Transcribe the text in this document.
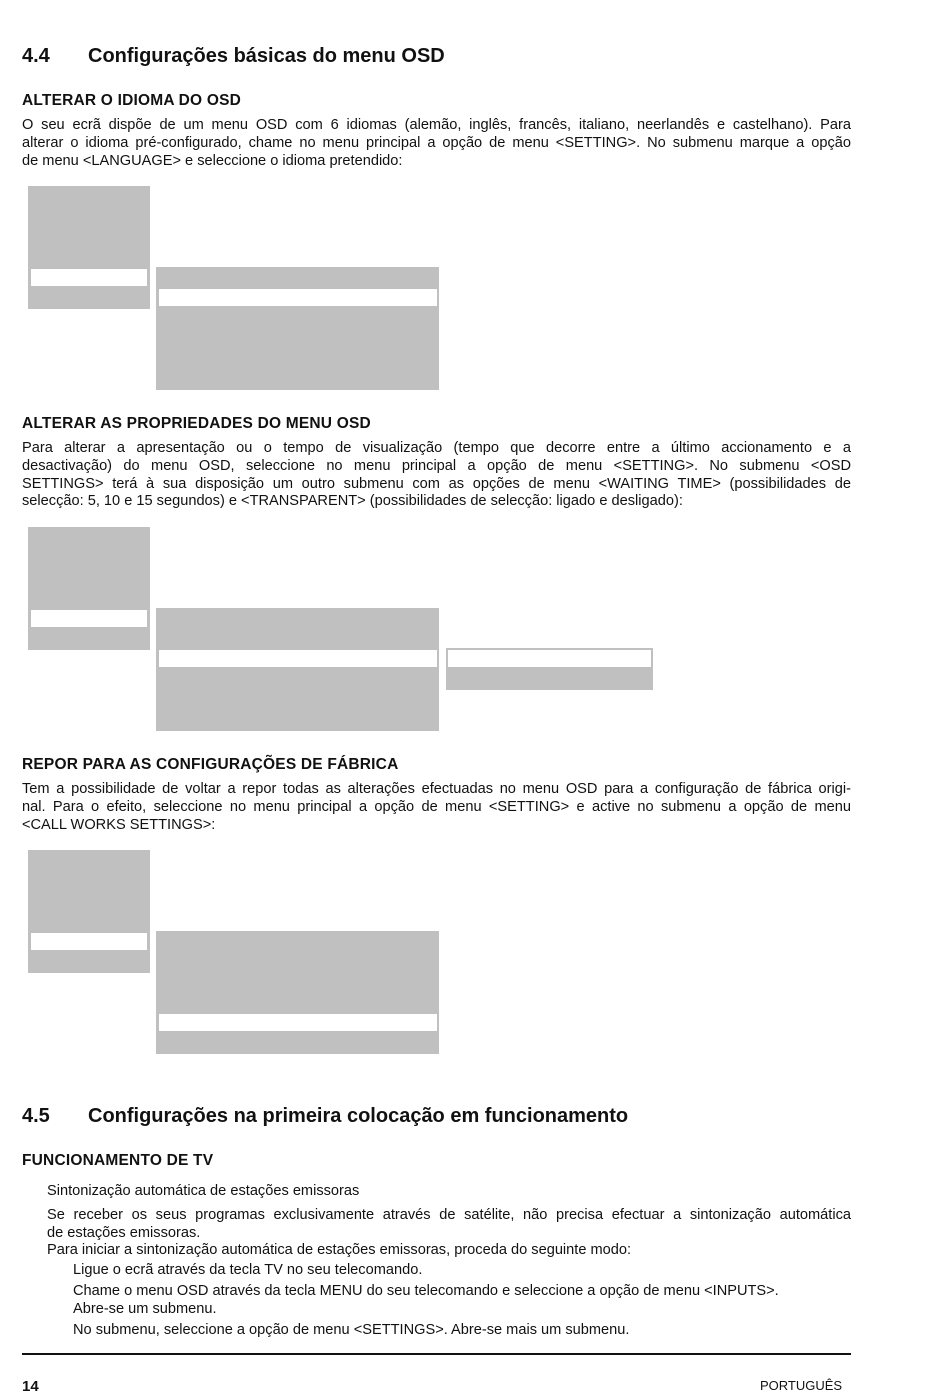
4.4 Configurações básicas do menu OSD
ALTERAR O IDIOMA DO OSD
O seu ecrã dispõe de um menu OSD com 6 idiomas (alemão, inglês, francês, italiano, neerlandês e castelhano). Para
alterar o idioma pré-configurado, chame no menu principal a opção de menu <SETTING>. No submenu marque a opção
de menu <LANGUAGE> e seleccione o idioma pretendido:
ALTERAR AS PROPRIEDADES DO MENU OSD
Para alterar a apresentação ou o tempo de visualização (tempo que decorre entre a último accionamento e a
desactivação) do menu OSD, seleccione no menu principal a opção de menu <SETTING>. No submenu <OSD
SETTINGS> terá à sua disposição um outro submenu com as opções de menu <WAITING TIME> (possibilidades de
selecção: 5, 10 e 15 segundos) e <TRANSPARENT> (possibilidades de selecção: ligado e desligado):
REPOR PARA AS CONFIGURAÇÕES DE FÁBRICA
Tem a possibilidade de voltar a repor todas as alterações efectuadas no menu OSD para a configuração de fábrica origi-
nal. Para o efeito, seleccione no menu principal a opção de menu <SETTING> e active no submenu a opção de menu
<CALL WORKS SETTINGS>:
4.5 Configurações na primeira colocação em funcionamento
FUNCIONAMENTO DE TV
Sintonização automática de estações emissoras
Se receber os seus programas exclusivamente através de satélite, não precisa efectuar a sintonização automática
de estações emissoras.
Para iniciar a sintonização automática de estações emissoras, proceda do seguinte modo:
Ligue o ecrã através da tecla TV no seu telecomando.
Chame o menu OSD através da tecla MENU do seu telecomando e seleccione a opção de menu <INPUTS>.
Abre-se um submenu.
No submenu, seleccione a opção de menu <SETTINGS>. Abre-se mais um submenu.
14	PORTUGUÊS
